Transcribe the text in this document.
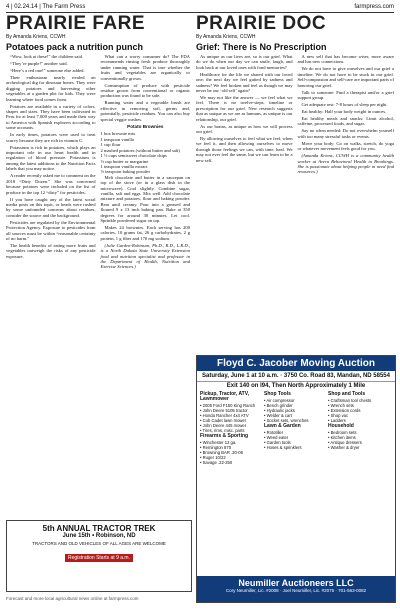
4 | 02.24.14 | The Farm Press	farmpress.com
PRAIRIE FARE
By Amanda Kriens, CCWH
Potatoes pack a nutrition punch

“Wow, look at these!” the children said.

“They’re purple!” another said.

“Here’s a red one!” someone else added.

Their enthusiasm nearly rivaled an archeological dig for dinosaur bones. They were digging potatoes and harvesting other vegetables at a garden plot for kids. They were learning where food comes from.

Potatoes are available in a variety of colors, shapes and sizes. They have been cultivated in Peru for at least 7,000 years and made their way to America with Spanish explorers according to some accounts.

In early times, potatoes were used to treat scurvy because they are rich in vitamin C.

Potassium is rich in potatoes, which plays an important role in our heart health and in regulation of blood pressure. Potassium is among the latest additions to the Nutrition Facts labels that you may notice.

A reader recently asked me to comment on the 2018 “Dirty Dozen.” She was concerned because potatoes were included on the list of produce in the top 12 “dirty” for pesticides.

If you have caught any of the latest social media posts on this topic, or heads were rushed by some unfounded concerns about residues, consider the source and the background.

Pesticides are regulated by the Environmental Protection Agency. Exposure to pesticides from all sources must be within “reasonable certainty of no harm.”

The health benefits of eating more fruits and vegetables outweigh the risks of any pesticide exposure.

What can a worry consumer do? The FDA recommends rinsing fresh produce thoroughly under running water. That is true whether the fruits and vegetables are organically or conventionally grown.

Consumption of produce with pesticide residue grown from conventional or organic production was found to be safe.

Running water and a vegetable brush are effective in removing soil, germs and, potentially, pesticide residues. You can also buy special veggie washes.

Potato Brownies
1 box brownie mix
1 teaspoon vanilla
1 cup flour
2 mashed potatoes (without butter and salt)
1 ½ cups semisweet chocolate chips
½ cup butter or margarine
1 teaspoon vanilla extract
½ teaspoon baking powder

Melt chocolate and butter in a saucepan on top of the stove (or in a glass dish in the microwave). Cool slightly. Combine sugar, vanilla, salt and eggs. Mix well. Add chocolate mixture and potatoes, flour and baking powder. Beat until creamy. Pour into a greased and floured 9 x 13 inch baking pan. Bake at 350 degrees for around 30 minutes. Let cool. Sprinkle powdered sugar on top.

Makes 24 brownies. Each serving has 200 calories, 10 grams fat, 26 g carbohydrates, 2 g protein, 1 g fiber and 170 mg sodium.

(Julie Garden-Robinson, Ph.D., R.D., L.R.D., is a North Dakota State University Extension food and nutrition specialist and professor in the Department of Health, Nutrition and Exercise Sciences.)

PRAIRIE DOC
By Amanda Kriens, CCWH
Grief: There is No Prescription

As unique as our lives are, so is our grief. What do we do when our day we can smile, laugh, and look back at our loved ones with fond memories?

Healthcare for the life we shared with our loved one; the next day we feel gutted by sadness and sadness? We feel broken and feel as though we may never be our ‘old self’ again?

We may not like the answer — we feel what we feel. There is no twelve-steps, timeline or prescription for our grief. New research suggests that as unique as we are as humans, as unique is our relationship, our grief.

As our brains, as unique as how we will process our grief.

By allowing ourselves to feel what we feel, when we feel it, and then allowing ourselves to move through those feelings we can, with time, heal. We may not ever feel the same, but we can learn to be a new self.

A new self that has become wiser, more aware and has new connections.

We do not have to give ourselves and our grief a timeline. We do not have to be stuck in our grief. Self-compassion and self-care are important parts of honoring our grief.

Talk to someone: Find a therapist and/or a grief support group.

Get adequate rest: 7-8 hours of sleep per night.

Eat healthy: Half your body weight in ounces.

Eat healthy meals and snacks: Limit alcohol, caffeine, processed foods, and sugar.

Say no when needed: Do not overwhelm yourself with too many stressful tasks or events.

Move your body: Go on walks, stretch, do yoga or whatever movement feels good for you.

(Amanda Kriens, CCWH is a community health worker at Avera Behavioral Health in Brookings. She is passionate about helping people in need find resources.)

5th ANNUAL TRACTOR TREK
June 15th • Robinson, ND
TRACTORS AND OLD VEHICLES OF ALL AGES ARE WELCOME
Registration Starts at 9 a.m.
Floyd C. Jacober Moving Auction
Saturday, June 1 at 10 a.m. · 3750 Co. Road 83, Mandan, ND 58554
Exit 140 on I94, Then North Approximately 1 Mile
Pickup, Tractor, ATV, Lawnmower
• 2005 Ford F150 King Ranch
• John Deere 5105 tractor
• Honda Rancher 4x4 ATV
• Cub Cadet lawn mower
• John Deere 445 mower
• Tires, rims, misc. parts
Firearms & Sporting
• Winchester 12 ga.
• Remington 870
• Browning BAR .30-06
• Ruger 10/22
• Savage .22-250
Shop Tools
• Air compressor
• Bench grinder
• Hydraulic jacks
• Welder & cart
• Socket sets, wrenches
Lawn & Garden
• Rototiller
• Weed eater
• Garden tools
• Hoses & sprinklers
Shop and Tools
• Craftsman tool chests
• Wrench sets
• Extension cords
• Shop vac
• Ladders
Household
• Bedroom sets
• Kitchen items
• Antique dressers
• Washer & dryer
Neumiller Auctioneers LLC
Cory Neumiller, Lic. #2008 · Joel Neumiller, Lic. #2075 · 701-563-0082
Forecast and more local agricultural news online at farmpress.com
